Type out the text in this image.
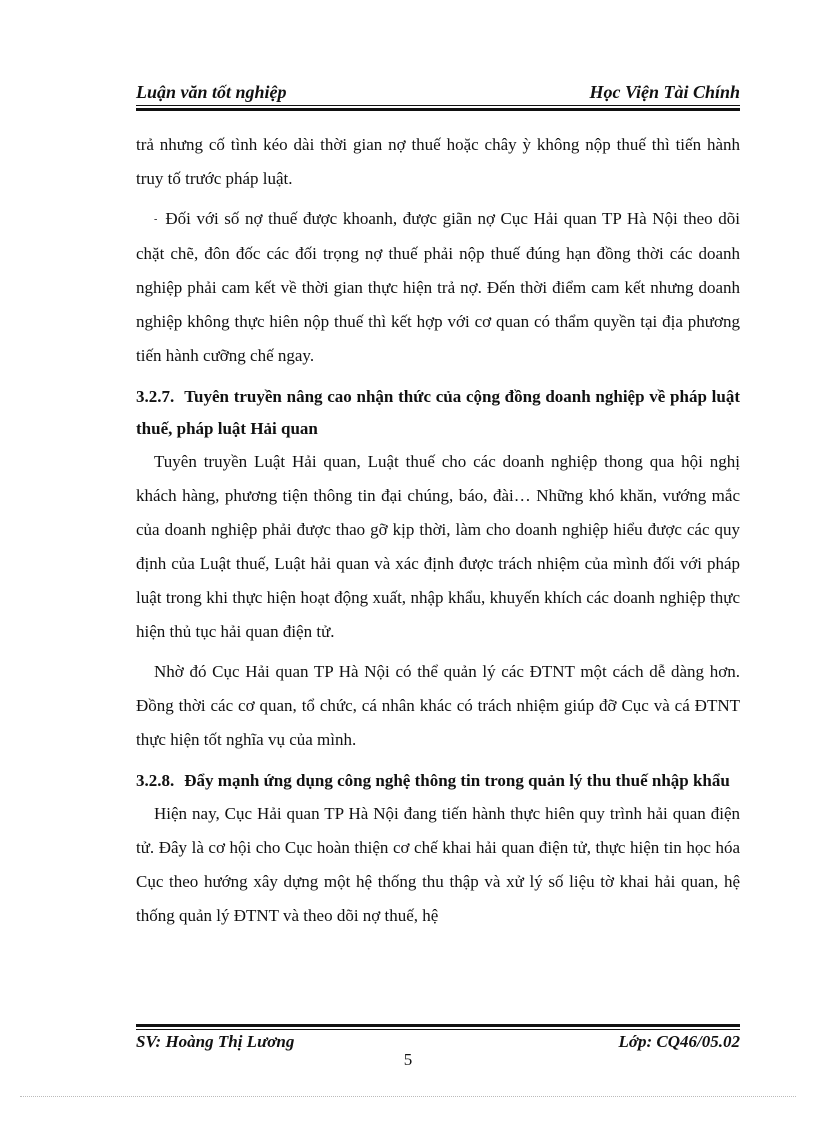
Luận văn tốt nghiệp	Học Viện Tài Chính

trả nhưng cố tình kéo dài thời gian nợ thuế hoặc chây ỳ không nộp thuế thì tiến hành truy tố trước pháp luật.

- Đối với số nợ thuế được khoanh, được giãn nợ Cục Hải quan TP Hà Nội theo dõi chặt chẽ, đôn đốc các đối trọng nợ thuế phải nộp thuế đúng hạn đồng thời các doanh nghiệp phải cam kết về thời gian thực hiện trả nợ. Đến thời điểm cam kết nhưng doanh nghiệp không thực hiên nộp thuế thì kết hợp với cơ quan có thẩm quyền tại địa phương tiến hành cưỡng chế ngay.

3.2.7. Tuyên truyền nâng cao nhận thức của cộng đồng doanh nghiệp về pháp luật thuế, pháp luật Hải quan

Tuyên truyền Luật Hải quan, Luật thuế cho các doanh nghiệp thong qua hội nghị khách hàng, phương tiện thông tin đại chúng, báo, đài… Những khó khăn, vướng mắc của doanh nghiệp phải được thao gỡ kịp thời, làm cho doanh nghiệp hiểu được các quy định của Luật thuế, Luật hải quan và xác định được trách nhiệm của mình đối với pháp luật trong khi thực hiện hoạt động xuất, nhập khẩu, khuyến khích các doanh nghiệp thực hiện thủ tục hải quan điện tử.

Nhờ đó Cục Hải quan TP Hà Nội có thể quản lý các ĐTNT một cách dễ dàng hơn. Đồng thời các cơ quan, tổ chức, cá nhân khác có trách nhiệm giúp đỡ Cục và cá ĐTNT thực hiện tốt nghĩa vụ của mình.

3.2.8. Đẩy mạnh ứng dụng công nghệ thông tin trong quản lý thu thuế nhập khẩu

Hiện nay, Cục Hải quan TP Hà Nội đang tiến hành thực hiên quy trình hải quan điện tử. Đây là cơ hội cho Cục hoàn thiện cơ chế khai hải quan điện tử, thực hiện tin học hóa Cục theo hướng xây dựng một hệ thống thu thập và xử lý số liệu tờ khai hải quan, hệ thống quản lý ĐTNT và theo dõi nợ thuế, hệ

SV: Hoàng Thị Lương	Lớp: CQ46/05.02
5
